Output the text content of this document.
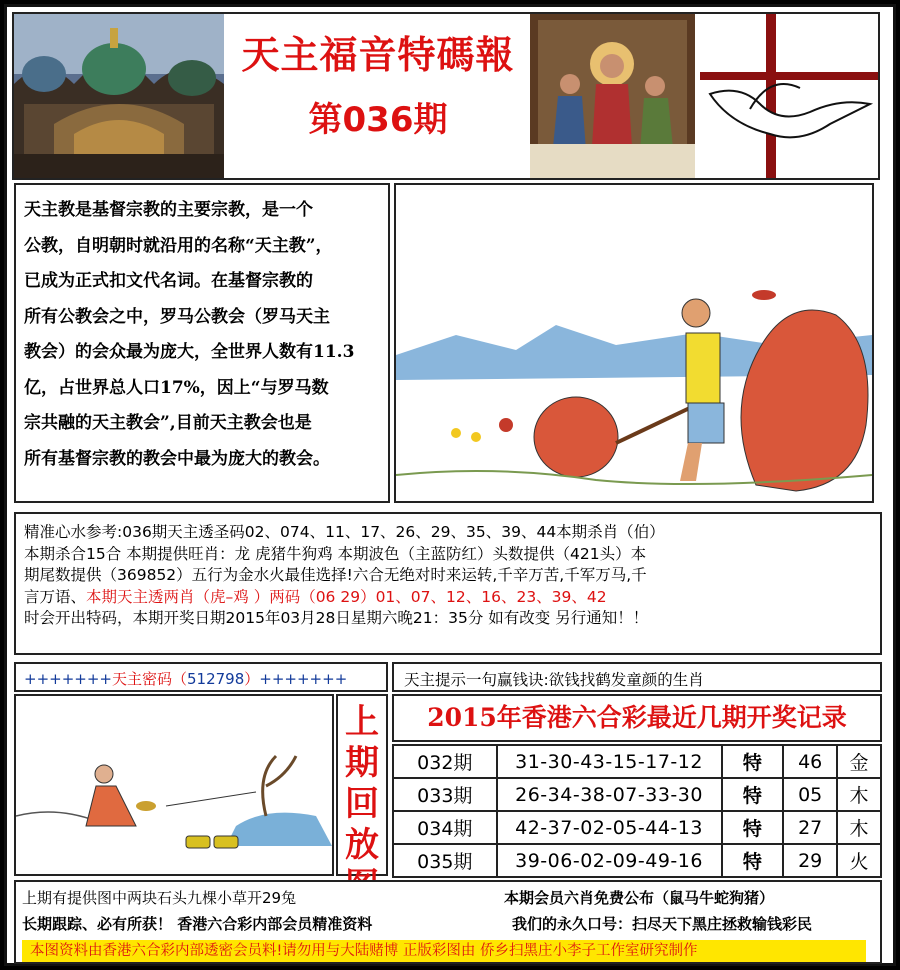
天主福音特碼報
第036期
天主教是基督宗教的主要宗教，是一个
公教，自明朝时就沿用的名称“天主教”，
已成为正式扣文代名词。在基督宗教的
所有公教会之中，罗马公教会（罗马天主
教会）的会众最为庞大，全世界人数有11.3
亿，占世界总人口17%，因上“与罗马数
宗共融的天主教会”,目前天主教会也是
所有基督宗教的教会中最为庞大的教会。

精准心水参考:036期天主透圣码02、074、11、17、26、29、35、39、44本期杀肖（伯）

本期杀合15合 本期提供旺肖：龙 虎猪牛狗鸡 本期波色（主蓝防红）头数提供（421头）本

期尾数提供（369852）五行为金水火最佳选择!六合无绝对时来运转,千辛万苦,千军万马,千

言万语、本期天主透两肖（虎–鸡 ）两码（06 29）01、07、12、16、23、39、42

时会开出特码，本期开奖日期2015年03月28日星期六晚21：35分 如有改变 另行通知！！

+++++++天主密码（512798）+++++++	天主提示一句赢钱诀:欲钱找鹤发童颜的生肖
上
期
回
放
2015年香港六合彩最近几期开奖记录
032期	31-30-43-15-17-12	特	46	金
033期	26-34-38-07-33-30	特	05	木
034期	42-37-02-05-44-13	特	27	木
035期	39-06-02-09-49-16	特	29	火
上期有提供图中两块石头九棵小草开29兔	本期会员六肖免费公布（鼠马牛蛇狗猪）
长期跟踪、必有所获！ 香港六合彩内部会员精准资料	我们的永久口号：扫尽天下黑庄拯救输钱彩民
本图资料由香港六合彩内部透密会员料!请勿用与大陆赌博 正版彩图由 侨乡扫黑庄小李子工作室研究制作
